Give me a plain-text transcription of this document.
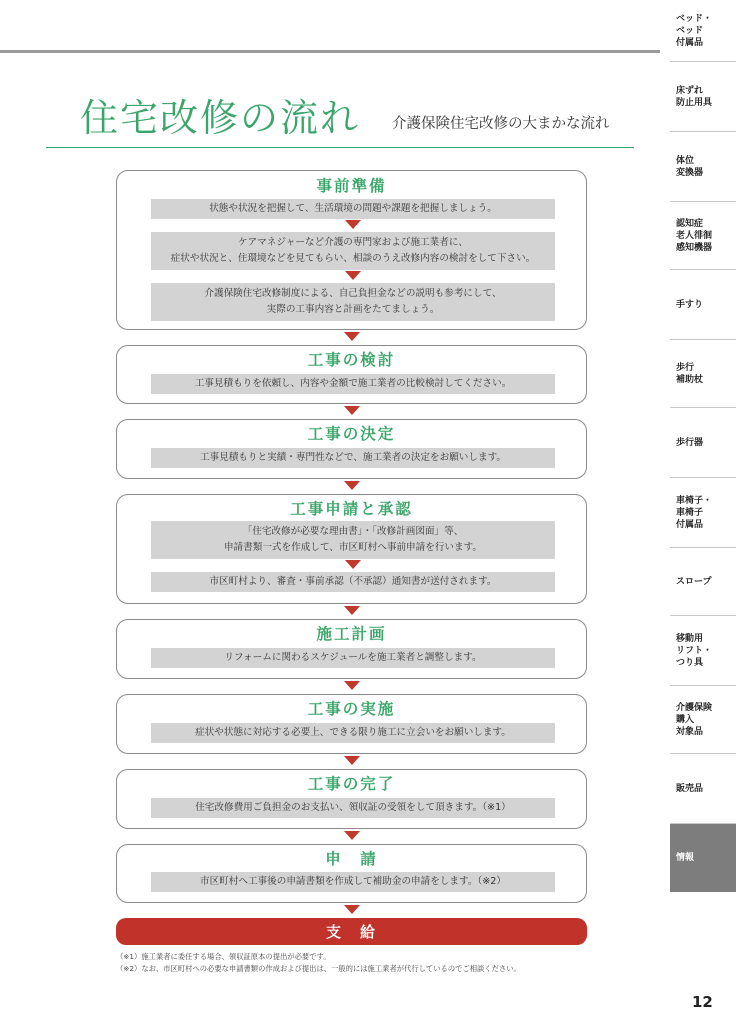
住宅改修の流れ 介護保険住宅改修の大まかな流れ
ベッド・
ベッド
付属品
床ずれ
防止用具
体位
変換器
認知症
老人徘徊
感知機器
手すり
歩行
補助杖
歩行器
車椅子・
車椅子
付属品
スロープ
移動用
リフト・
つり具
介護保険
購入
対象品
販売品
情報
事前準備
状態や状況を把握して、生活環境の問題や課題を把握しましょう。
ケアマネジャーなど介護の専門家および施工業者に、
症状や状況と、住環境などを見てもらい、相談のうえ改修内容の検討をして下さい。
介護保険住宅改修制度による、自己負担金などの説明も参考にして、
実際の工事内容と計画をたてましょう。
工事の検討
工事見積もりを依頼し、内容や金額で施工業者の比較検討してください。
工事の決定
工事見積もりと実績・専門性などで、施工業者の決定をお願いします。
工事申請と承認
「住宅改修が必要な理由書」・「改修計画図面」等、
申請書類一式を作成して、市区町村へ事前申請を行います。
市区町村より、審査・事前承認（不承認）通知書が送付されます。
施工計画
リフォームに関わるスケジュールを施工業者と調整します。
工事の実施
症状や状態に対応する必要上、できる限り施工に立会いをお願いします。
工事の完了
住宅改修費用ご負担金のお支払い、領収証の受領をして頂きます。（※1）
申　請
市区町村へ工事後の申請書類を作成して補助金の申請をします。（※2）
支　給
（※1）施工業者に委任する場合、領収証原本の提出が必要です。
（※2）なお、市区町村への必要な申請書類の作成および提出は、一般的には施工業者が代行しているのでご相談ください。
12
